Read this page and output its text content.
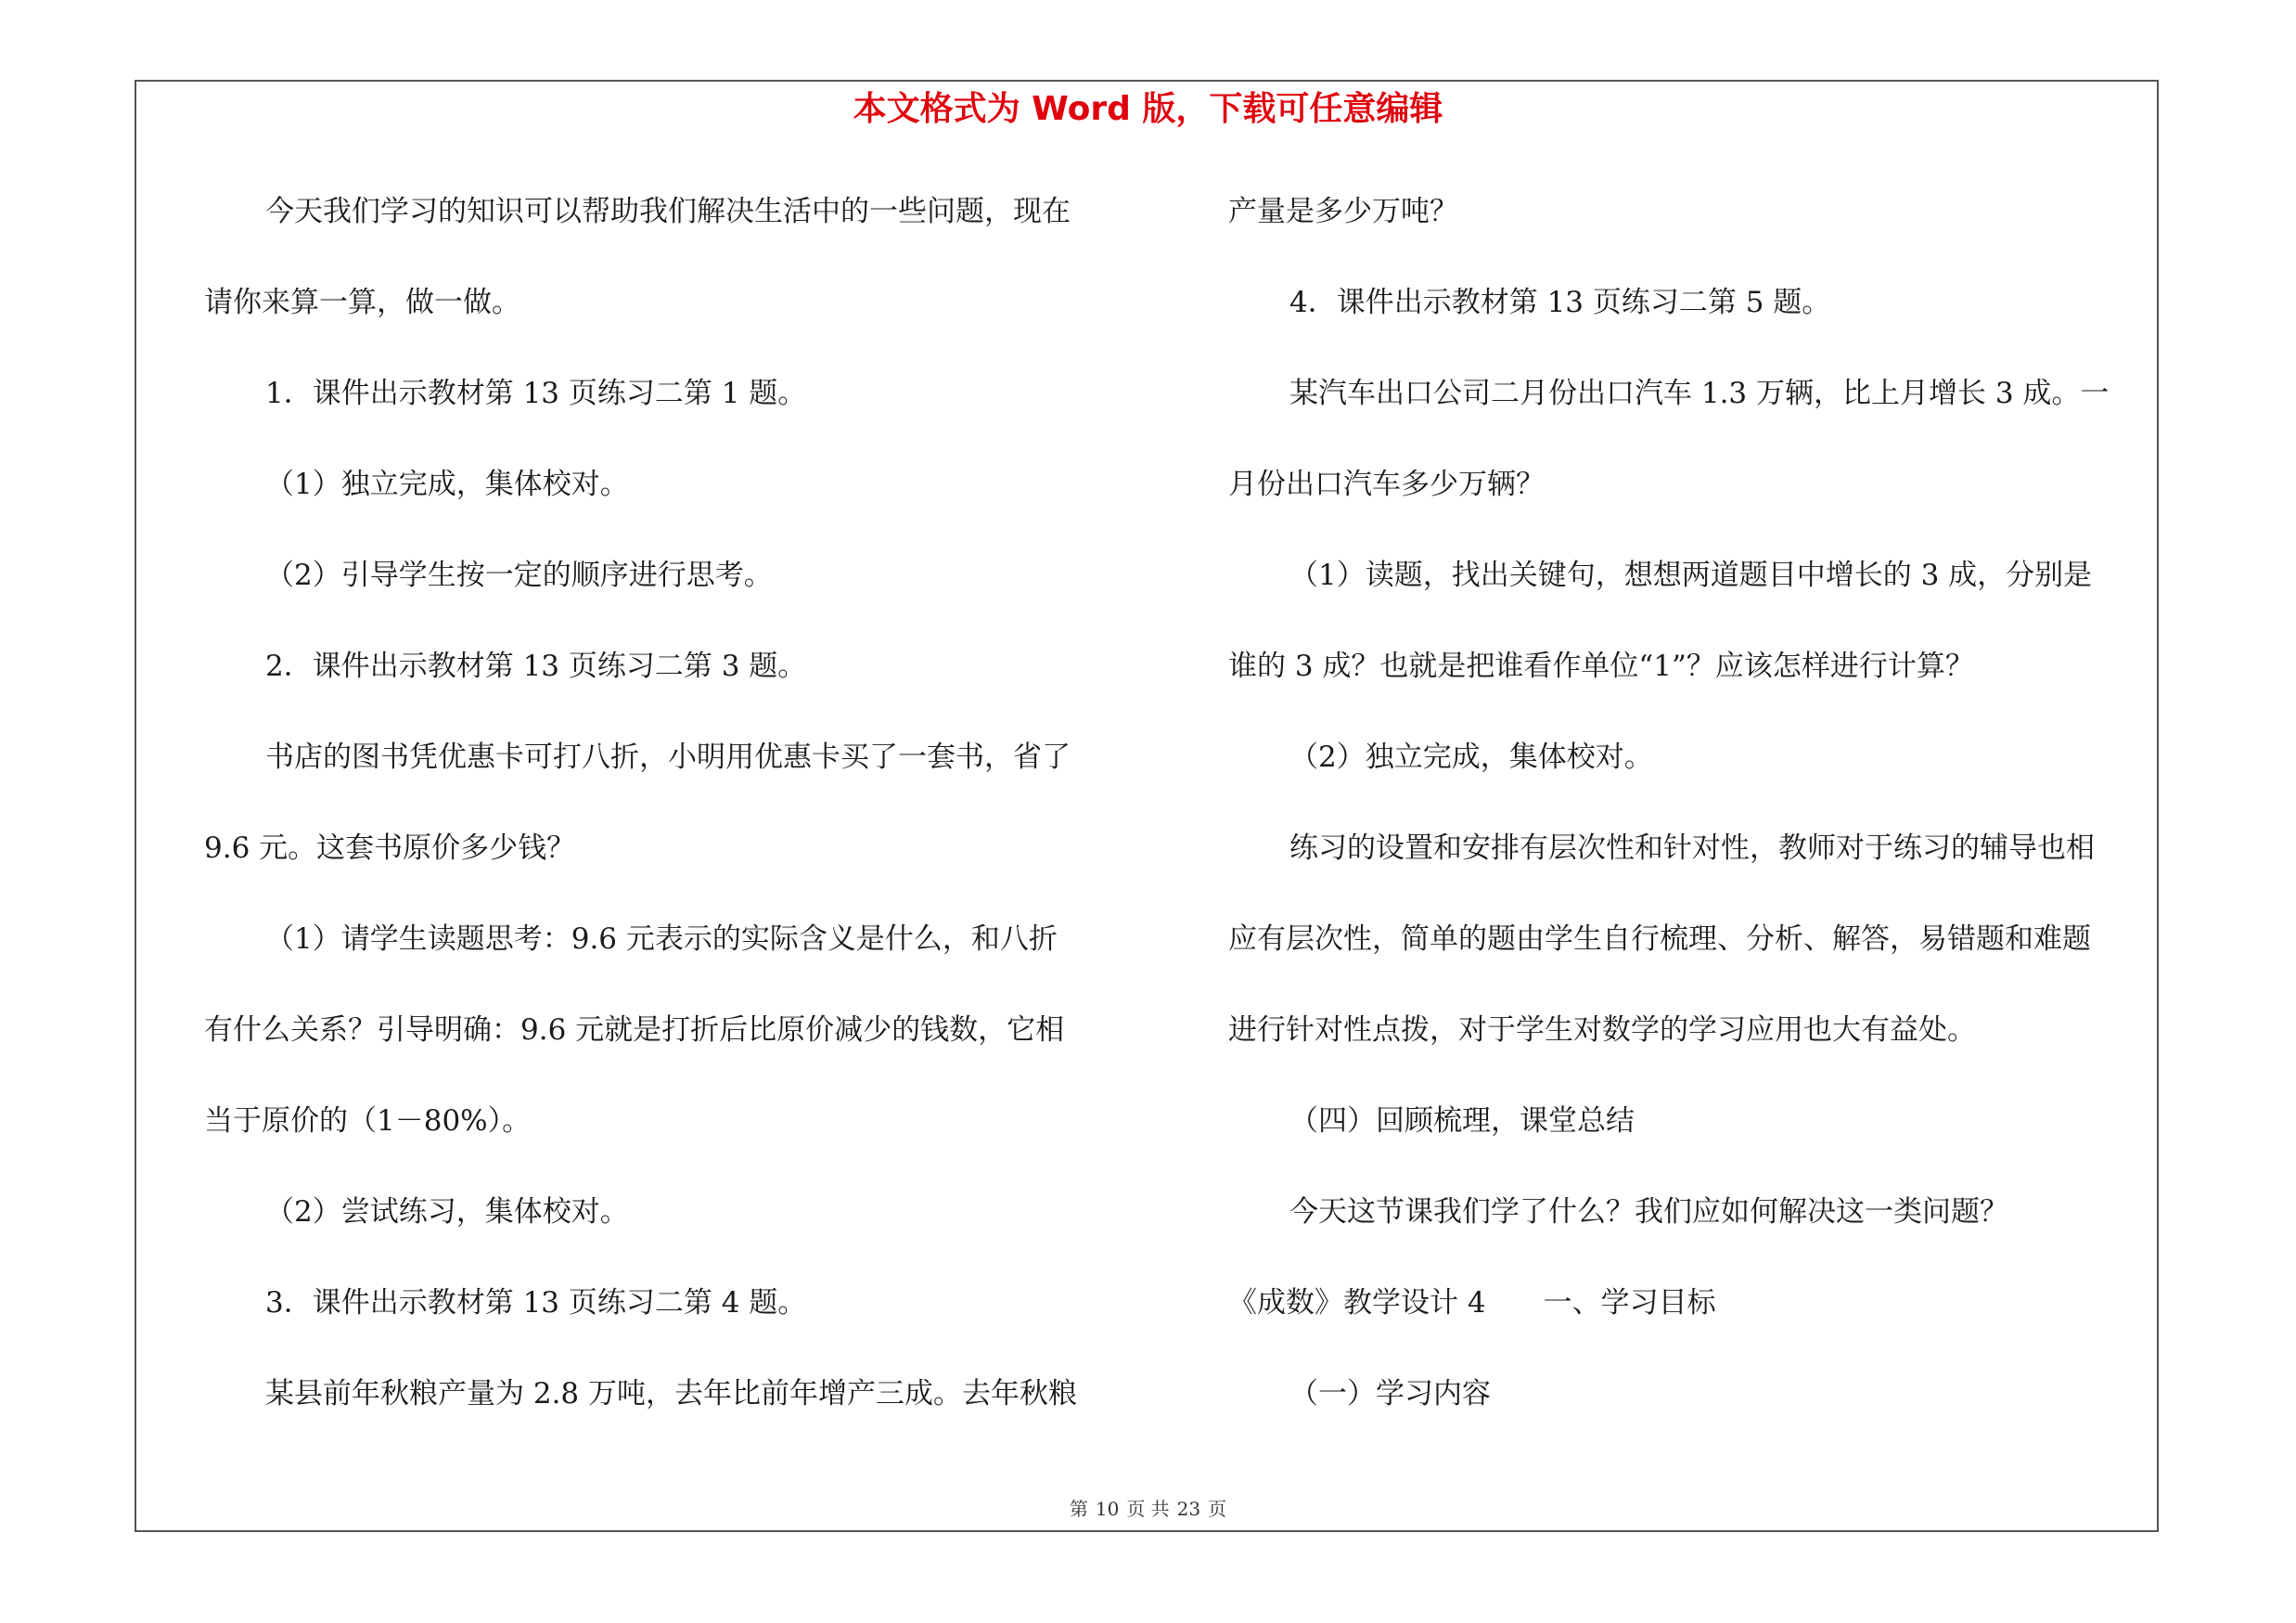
本文格式为 Word 版，下载可任意编辑
今天我们学习的知识可以帮助我们解决生活中的一些问题，现在
请你来算一算，做一做。
1．课件出示教材第 13 页练习二第 1 题。
（1）独立完成，集体校对。
（2）引导学生按一定的顺序进行思考。
2．课件出示教材第 13 页练习二第 3 题。
书店的图书凭优惠卡可打八折，小明用优惠卡买了一套书，省了
9.6 元。这套书原价多少钱？
（1）请学生读题思考：9.6 元表示的实际含义是什么，和八折
有什么关系？引导明确：9.6 元就是打折后比原价减少的钱数，它相
当于原价的（1－80%）。
（2）尝试练习，集体校对。
3．课件出示教材第 13 页练习二第 4 题。
某县前年秋粮产量为 2.8 万吨，去年比前年增产三成。去年秋粮
产量是多少万吨？
4．课件出示教材第 13 页练习二第 5 题。
某汽车出口公司二月份出口汽车 1.3 万辆，比上月增长 3 成。一
月份出口汽车多少万辆？
（1）读题，找出关键句，想想两道题目中增长的 3 成，分别是
谁的 3 成？也就是把谁看作单位“1”？应该怎样进行计算？
（2）独立完成，集体校对。
练习的设置和安排有层次性和针对性，教师对于练习的辅导也相
应有层次性，简单的题由学生自行梳理、分析、解答，易错题和难题
进行针对性点拨，对于学生对数学的学习应用也大有益处。
（四）回顾梳理，课堂总结
今天这节课我们学了什么？我们应如何解决这一类问题？
《成数》教学设计 4　　一、学习目标
（一）学习内容
第 10 页 共 23 页
